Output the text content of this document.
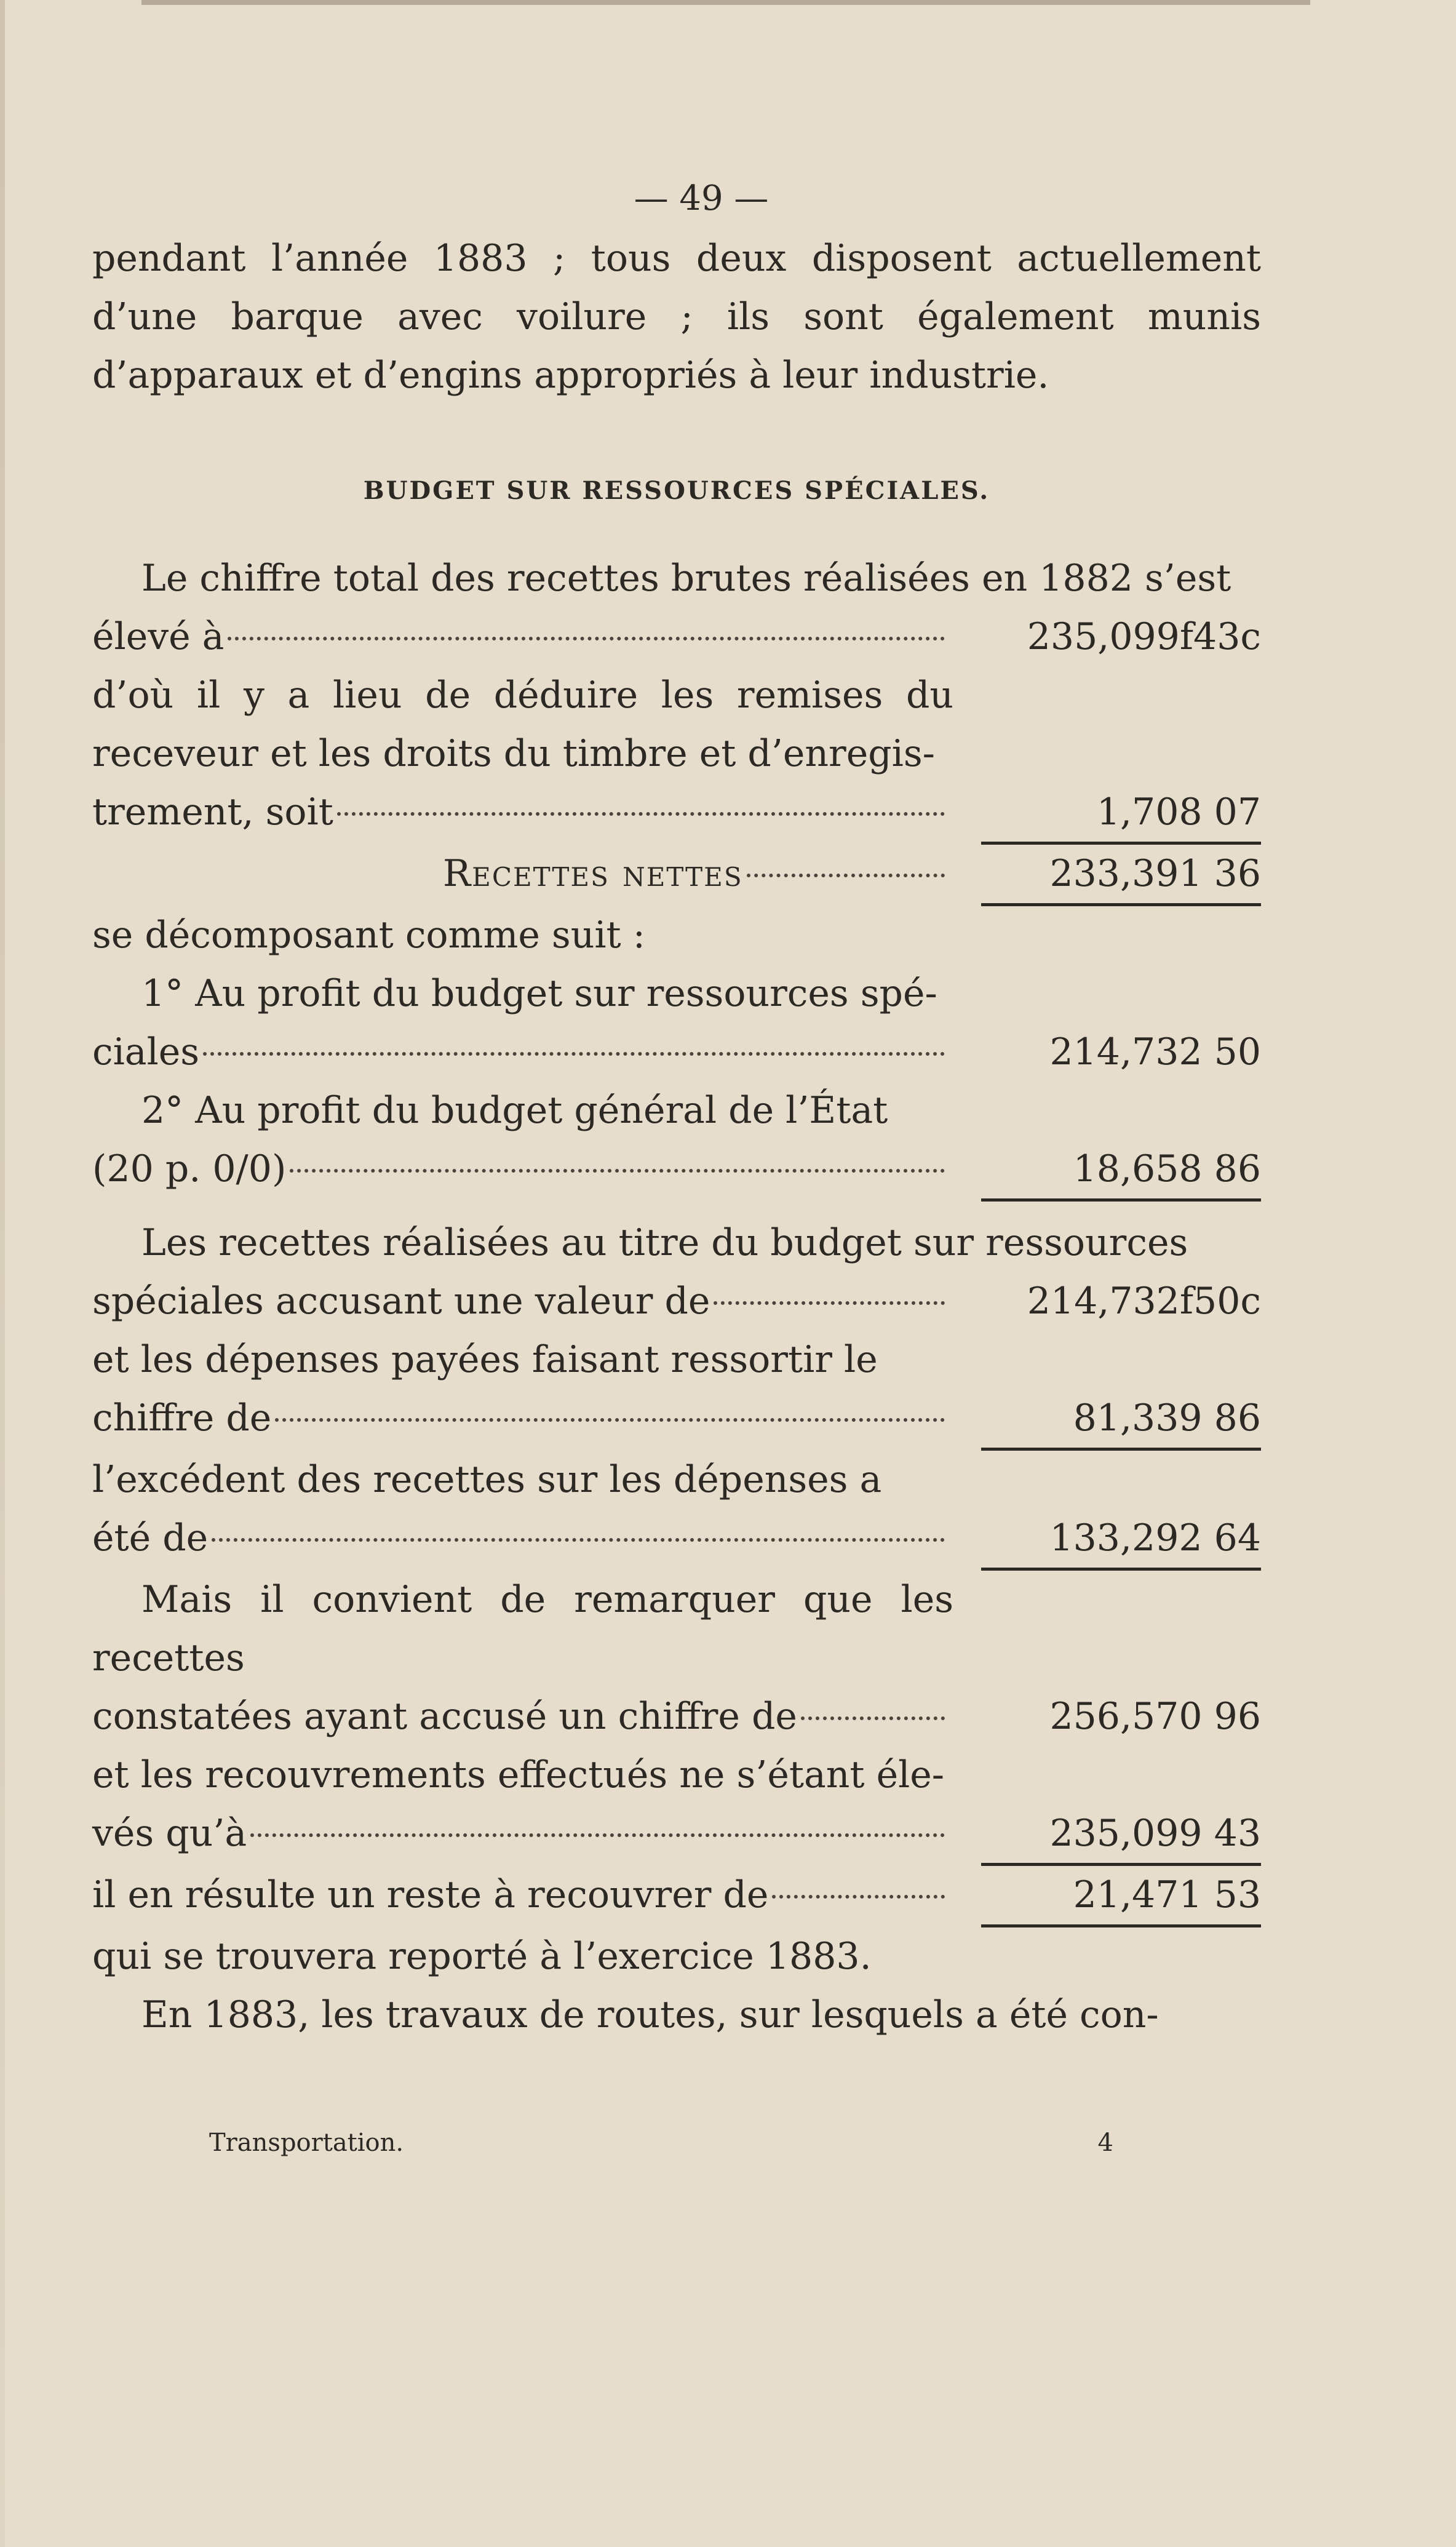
— 49 —

pendant l’année 1883 ; tous deux disposent actuellement d’une barque avec voilure ; ils sont également munis d’apparaux et d’engins appropriés à leur industrie.

BUDGET SUR RESSOURCES SPÉCIALES.

Le chiffre total des recettes brutes réalisées en 1882 s’est

élevé à	235,099f43c
d’où il y a lieu de déduire les remises du receveur et les droits du timbre et d’enregis-
trement, soit	1,708 07
Recettes nettes	233,391 36

se décomposant comme suit :

1° Au profit du budget sur ressources spé-
ciales	214,732 50
2° Au profit du budget général de l’État
(20 p. 0/0)	18,658 86

Les recettes réalisées au titre du budget sur ressources

spéciales accusant une valeur de	214,732f50c
et les dépenses payées faisant ressortir le
chiffre de	81,339 86
l’excédent des recettes sur les dépenses a
été de	133,292 64
Mais il convient de remarquer que les recettes
constatées ayant accusé un chiffre de	256,570 96
et les recouvrements effectués ne s’étant éle-
vés qu’à	235,099 43
il en résulte un reste à recouvrer de	21,471 53

qui se trouvera reporté à l’exercice 1883.

En 1883, les travaux de routes, sur lesquels a été con-

Transportation.	4
